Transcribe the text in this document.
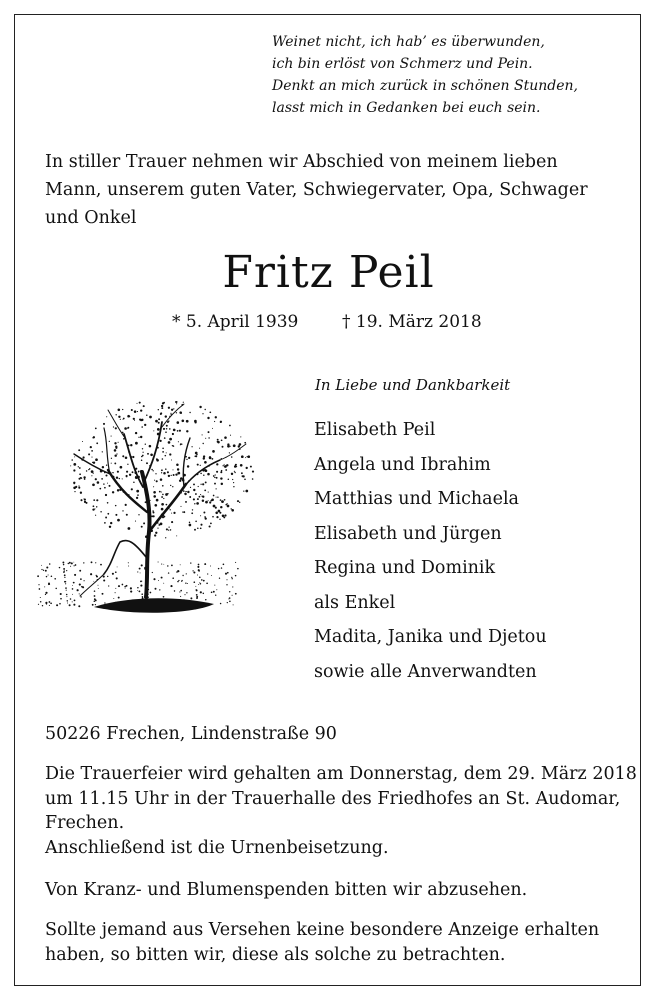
Weinet nicht, ich hab’ es überwunden,
ich bin erlöst von Schmerz und Pein.
Denkt an mich zurück in schönen Stunden,
lasst mich in Gedanken bei euch sein.
In stiller Trauer nehmen wir Abschied von meinem lieben
Mann, unserem guten Vater, Schwiegervater, Opa, Schwager
und Onkel
Fritz Peil
* 5. April 1939	† 19. März 2018
In Liebe und Dankbarkeit
Elisabeth Peil
Angela und Ibrahim
Matthias und Michaela
Elisabeth und Jürgen
Regina und Dominik
als Enkel
Madita, Janika und Djetou
sowie alle Anverwandten
50226 Frechen, Lindenstraße 90
Die Trauerfeier wird gehalten am Donnerstag, dem 29. März 2018
um 11.15 Uhr in der Trauerhalle des Friedhofes an St. Audomar,
Frechen.
Anschließend ist die Urnenbeisetzung.
Von Kranz- und Blumenspenden bitten wir abzusehen.
Sollte jemand aus Versehen keine besondere Anzeige erhalten
haben, so bitten wir, diese als solche zu betrachten.
